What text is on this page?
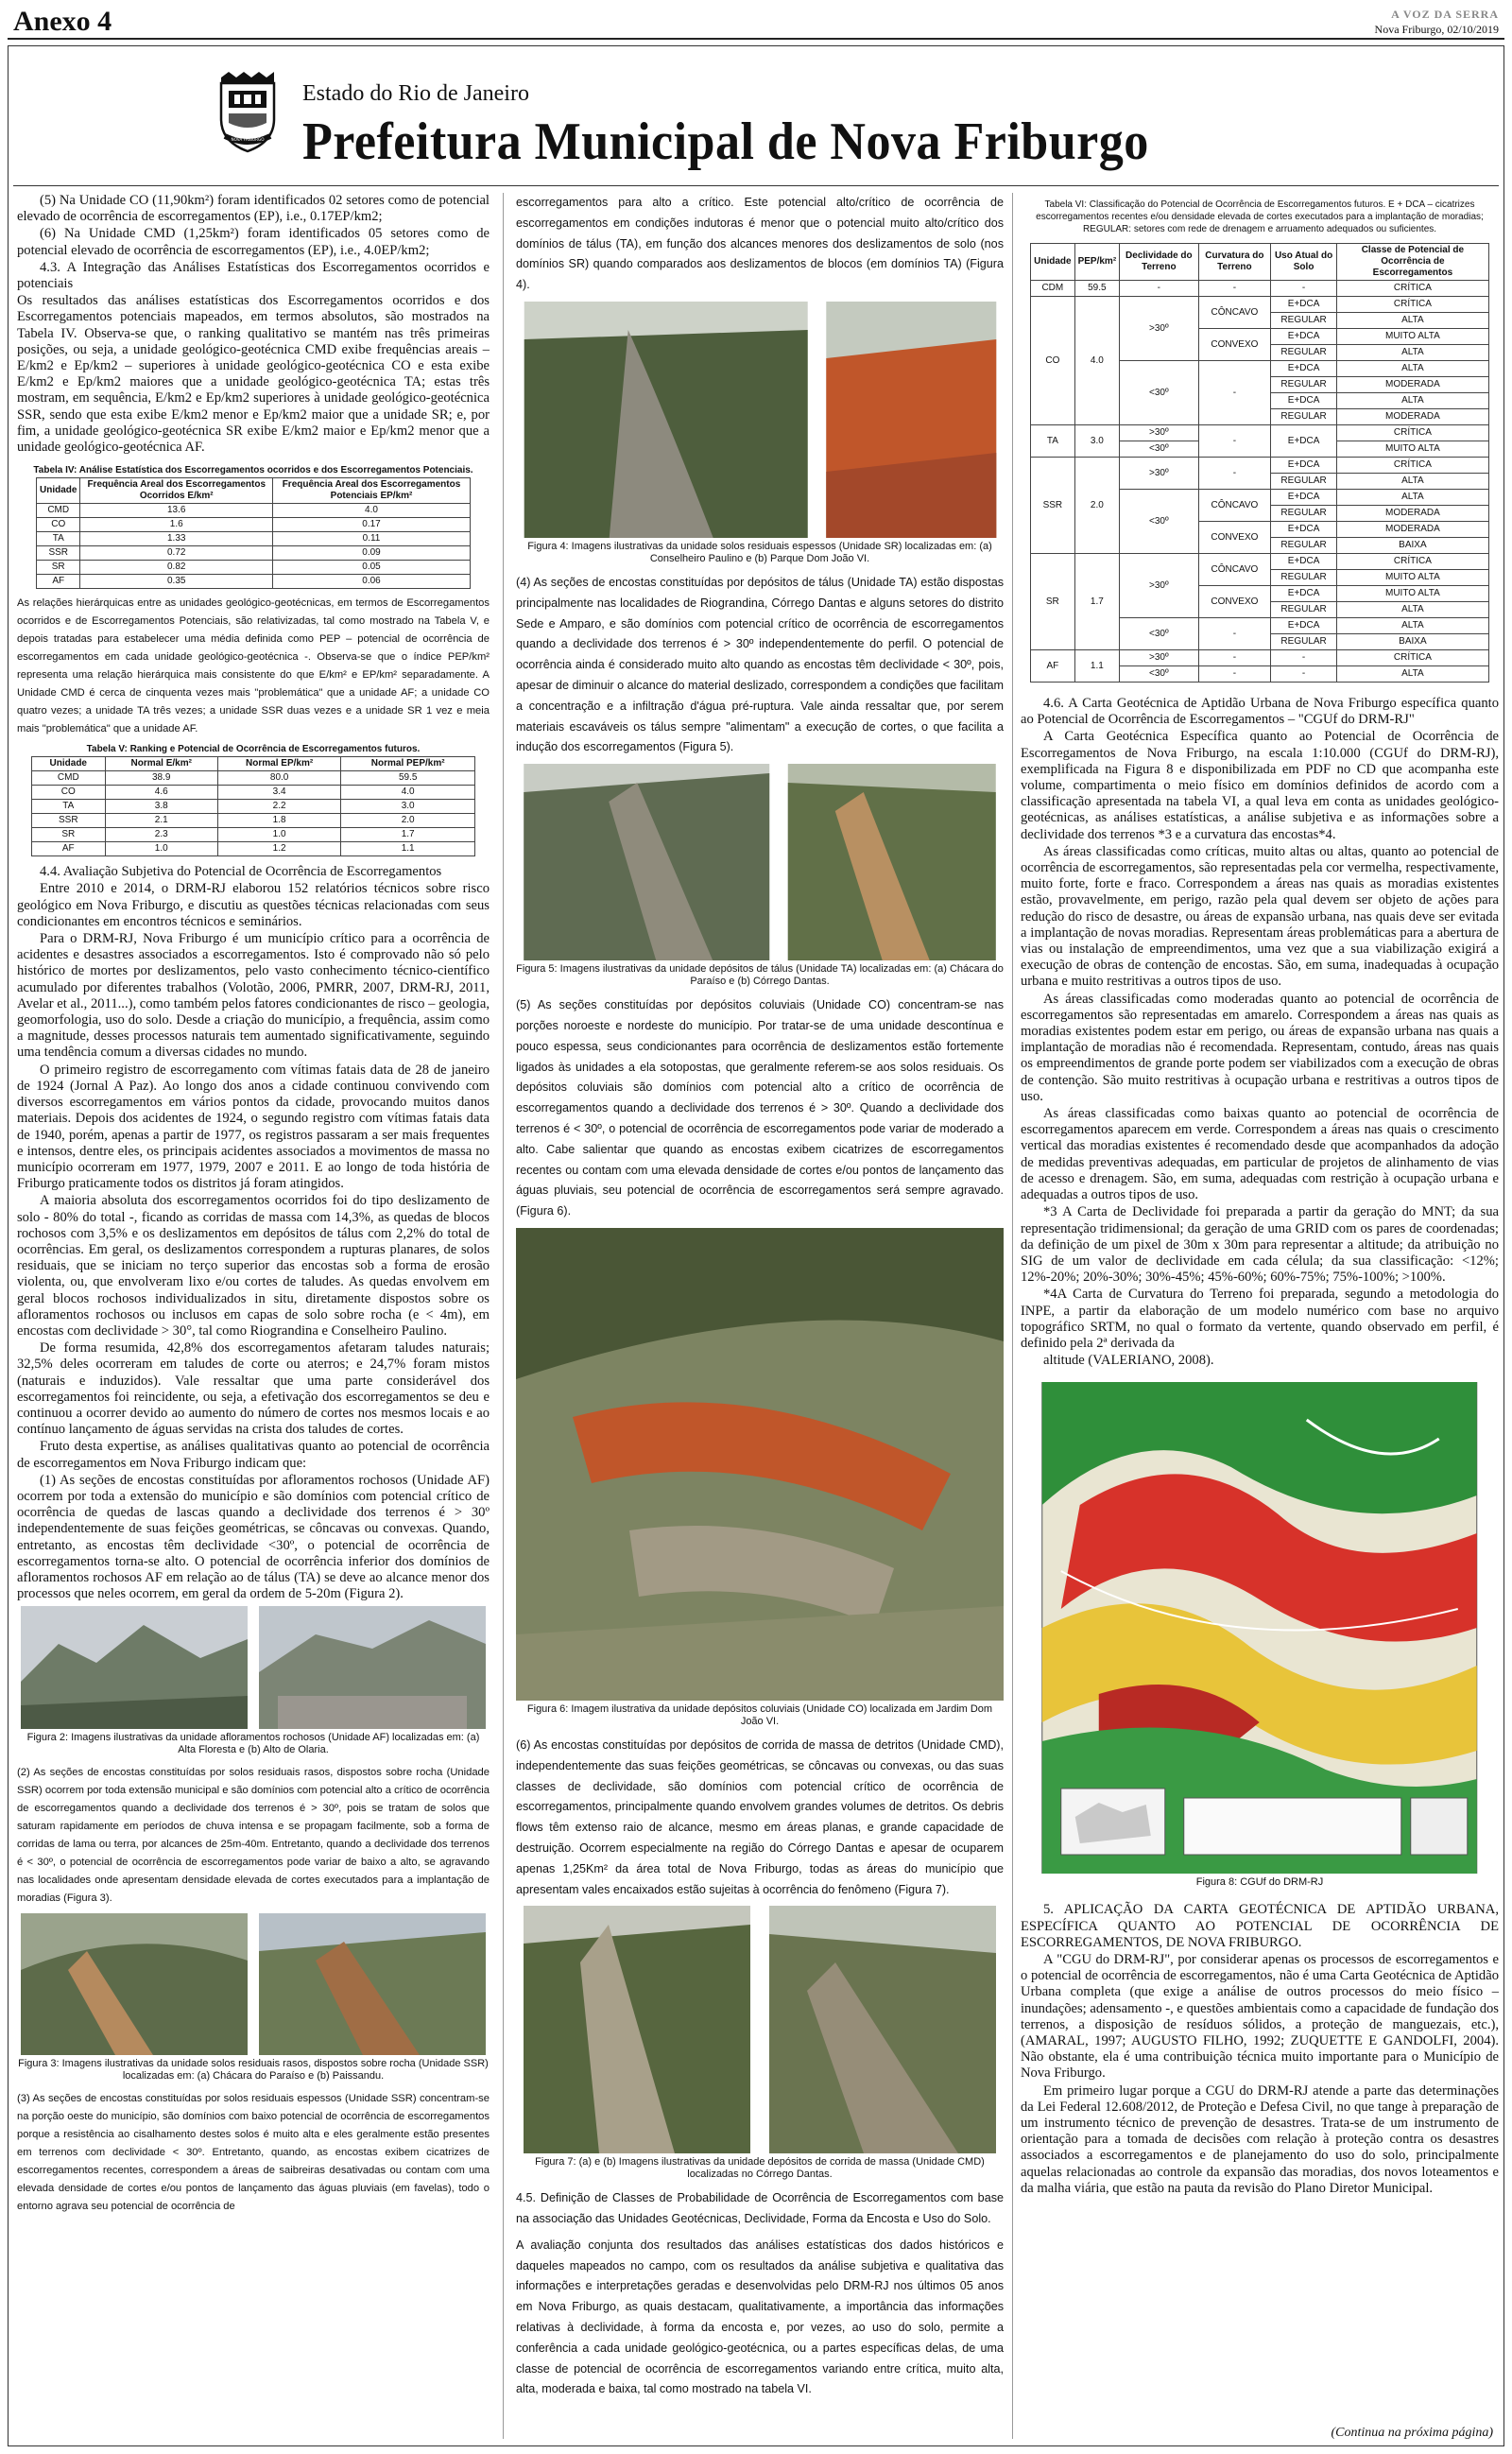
Anexo 4	A VOZ DA SERRA
Nova Friburgo, 02/10/2019
NOVA FRIBURGO
Estado do Rio de Janeiro
Prefeitura Municipal de Nova Friburgo

(5) Na Unidade CO (11,90km²) foram identificados 02 setores como de potencial elevado de ocorrência de escorregamentos (EP), i.e., 0.17EP/km2;

(6) Na Unidade CMD (1,25km²) foram identificados 05 setores como de potencial elevado de ocorrência de escorregamentos (EP), i.e., 4.0EP/km2;

4.3. A Integração das Análises Estatísticas dos Escorregamentos ocorridos e potenciais

Os resultados das análises estatísticas dos Escorregamentos ocorridos e dos Escorregamentos potenciais mapeados, em termos absolutos, são mostrados na Tabela IV. Observa-se que, o ranking qualitativo se mantém nas três primeiras posições, ou seja, a unidade geológico-geotécnica CMD exibe frequências areais – E/km2 e Ep/km2 – superiores à unidade geológico-geotécnica CO e esta exibe E/km2 e Ep/km2 maiores que a unidade geológico-geotécnica TA; estas três mostram, em sequência, E/km2 e Ep/km2 superiores à unidade geológico-geotécnica SSR, sendo que esta exibe E/km2 menor e Ep/km2 maior que a unidade SR; e, por fim, a unidade geológico-geotécnica SR exibe E/km2 maior e Ep/km2 menor que a unidade geológico-geotécnica AF.

Tabela IV: Análise Estatística dos Escorregamentos ocorridos e dos Escorregamentos Potenciais.
Unidade	Frequência Areal dos Escorregamentos Ocorridos E/km²	Frequência Areal dos Escorregamentos Potenciais EP/km²
CMD	13.6	4.0
CO	1.6	0.17
TA	1.33	0.11
SSR	0.72	0.09
SR	0.82	0.05
AF	0.35	0.06

As relações hierárquicas entre as unidades geológico-geotécnicas, em termos de Escorregamentos ocorridos e de Escorregamentos Potenciais, são relativizadas, tal como mostrado na Tabela V, e depois tratadas para estabelecer uma média definida como PEP – potencial de ocorrência de escorregamentos em cada unidade geológico-geotécnica -. Observa-se que o índice PEP/km² representa uma relação hierárquica mais consistente do que E/km² e EP/km² separadamente. A Unidade CMD é cerca de cinquenta vezes mais "problemática" que a unidade AF; a unidade CO quatro vezes; a unidade TA três vezes; a unidade SSR duas vezes e a unidade SR 1 vez e meia mais "problemática" que a unidade AF.

Tabela V: Ranking e Potencial de Ocorrência de Escorregamentos futuros.
Unidade	Normal E/km²	Normal EP/km²	Normal PEP/km²
CMD	38.9	80.0	59.5
CO	4.6	3.4	4.0
TA	3.8	2.2	3.0
SSR	2.1	1.8	2.0
SR	2.3	1.0	1.7
AF	1.0	1.2	1.1

4.4. Avaliação Subjetiva do Potencial de Ocorrência de Escorregamentos

Entre 2010 e 2014, o DRM-RJ elaborou 152 relatórios técnicos sobre risco geológico em Nova Friburgo, e discutiu as questões técnicas relacionadas com seus condicionantes em encontros técnicos e seminários.

Para o DRM-RJ, Nova Friburgo é um município crítico para a ocorrência de acidentes e desastres associados a escorregamentos. Isto é comprovado não só pelo histórico de mortes por deslizamentos, pelo vasto conhecimento técnico-científico acumulado por diferentes trabalhos (Volotão, 2006, PMRR, 2007, DRM-RJ, 2011, Avelar et al., 2011...), como também pelos fatores condicionantes de risco – geologia, geomorfologia, uso do solo. Desde a criação do município, a frequência, assim como a magnitude, desses processos naturais tem aumentado significativamente, seguindo uma tendência comum a diversas cidades no mundo.

O primeiro registro de escorregamento com vítimas fatais data de 28 de janeiro de 1924 (Jornal A Paz). Ao longo dos anos a cidade continuou convivendo com diversos escorregamentos em vários pontos da cidade, provocando muitos danos materiais. Depois dos acidentes de 1924, o segundo registro com vítimas fatais data de 1940, porém, apenas a partir de 1977, os registros passaram a ser mais frequentes e intensos, dentre eles, os principais acidentes associados a movimentos de massa no município ocorreram em 1977, 1979, 2007 e 2011. E ao longo de toda história de Friburgo praticamente todos os distritos já foram atingidos.

A maioria absoluta dos escorregamentos ocorridos foi do tipo deslizamento de solo - 80% do total -, ficando as corridas de massa com 14,3%, as quedas de blocos rochosos com 3,5% e os deslizamentos em depósitos de tálus com 2,2% do total de ocorrências. Em geral, os deslizamentos correspondem a rupturas planares, de solos residuais, que se iniciam no terço superior das encostas sob a forma de erosão violenta, ou, que envolveram lixo e/ou cortes de taludes. As quedas envolvem em geral blocos rochosos individualizados in situ, diretamente dispostos sobre os afloramentos rochosos ou inclusos em capas de solo sobre rocha (e < 4m), em encostas com declividade > 30°, tal como Riograndina e Conselheiro Paulino.

De forma resumida, 42,8% dos escorregamentos afetaram taludes naturais; 32,5% deles ocorreram em taludes de corte ou aterros; e 24,7% foram mistos (naturais e induzidos). Vale ressaltar que uma parte considerável dos escorregamentos foi reincidente, ou seja, a efetivação dos escorregamentos se deu e continuou a ocorrer devido ao aumento do número de cortes nos mesmos locais e ao contínuo lançamento de águas servidas na crista dos taludes de cortes.

Fruto desta expertise, as análises qualitativas quanto ao potencial de ocorrência de escorregamentos em Nova Friburgo indicam que:

(1) As seções de encostas constituídas por afloramentos rochosos (Unidade AF) ocorrem por toda a extensão do município e são domínios com potencial crítico de ocorrência de quedas de lascas quando a declividade dos terrenos é > 30º independentemente de suas feições geométricas, se côncavas ou convexas. Quando, entretanto, as encostas têm declividade <30º, o potencial de ocorrência de escorregamentos torna-se alto. O potencial de ocorrência inferior dos domínios de afloramentos rochosos AF em relação ao de tálus (TA) se deve ao alcance menor dos processos que neles ocorrem, em geral da ordem de 5-20m (Figura 2).

Figura 2: Imagens ilustrativas da unidade afloramentos rochosos (Unidade AF) localizadas em: (a) Alta Floresta e (b) Alto de Olaria.

(2) As seções de encostas constituídas por solos residuais rasos, dispostos sobre rocha (Unidade SSR) ocorrem por toda extensão municipal e são domínios com potencial alto a crítico de ocorrência de escorregamentos quando a declividade dos terrenos é > 30º, pois se tratam de solos que saturam rapidamente em períodos de chuva intensa e se propagam facilmente, sob a forma de corridas de lama ou terra, por alcances de 25m-40m. Entretanto, quando a declividade dos terrenos é < 30º, o potencial de ocorrência de escorregamentos pode variar de baixo a alto, se agravando nas localidades onde apresentam densidade elevada de cortes executados para a implantação de moradias (Figura 3).

Figura 3: Imagens ilustrativas da unidade solos residuais rasos, dispostos sobre rocha (Unidade SSR) localizadas em: (a) Chácara do Paraíso e (b) Paissandu.

(3) As seções de encostas constituídas por solos residuais espessos (Unidade SSR) concentram-se na porção oeste do município, são domínios com baixo potencial de ocorrência de escorregamentos porque a resistência ao cisalhamento destes solos é muito alta e eles geralmente estão presentes em terrenos com declividade < 30º. Entretanto, quando, as encostas exibem cicatrizes de escorregamentos recentes, correspondem a áreas de saibreiras desativadas ou contam com uma elevada densidade de cortes e/ou pontos de lançamento das águas pluviais (em favelas), todo o entorno agrava seu potencial de ocorrência de

escorregamentos para alto a crítico. Este potencial alto/crítico de ocorrência de escorregamentos em condições indutoras é menor que o potencial muito alto/crítico dos domínios de tálus (TA), em função dos alcances menores dos deslizamentos de solo (nos domínios SR) quando comparados aos deslizamentos de blocos (em domínios TA) (Figura 4).

Figura 4: Imagens ilustrativas da unidade solos residuais espessos (Unidade SR) localizadas em: (a) Conselheiro Paulino e (b) Parque Dom João VI.

(4) As seções de encostas constituídas por depósitos de tálus (Unidade TA) estão dispostas principalmente nas localidades de Riograndina, Córrego Dantas e alguns setores do distrito Sede e Amparo, e são domínios com potencial crítico de ocorrência de escorregamentos quando a declividade dos terrenos é > 30º independentemente do perfil. O potencial de ocorrência ainda é considerado muito alto quando as encostas têm declividade < 30º, pois, apesar de diminuir o alcance do material deslizado, correspondem a condições que facilitam a concentração e a infiltração d'água pré-ruptura. Vale ainda ressaltar que, por serem materiais escaváveis os tálus sempre "alimentam" a execução de cortes, o que facilita a indução dos escorregamentos (Figura 5).

Figura 5: Imagens ilustrativas da unidade depósitos de tálus (Unidade TA) localizadas em: (a) Chácara do Paraíso e (b) Córrego Dantas.

(5) As seções constituídas por depósitos coluviais (Unidade CO) concentram-se nas porções noroeste e nordeste do município. Por tratar-se de uma unidade descontínua e pouco espessa, seus condicionantes para ocorrência de deslizamentos estão fortemente ligados às unidades a ela sotopostas, que geralmente referem-se aos solos residuais. Os depósitos coluviais são domínios com potencial alto a crítico de ocorrência de escorregamentos quando a declividade dos terrenos é > 30º. Quando a declividade dos terrenos é < 30º, o potencial de ocorrência de escorregamentos pode variar de moderado a alto. Cabe salientar que quando as encostas exibem cicatrizes de escorregamentos recentes ou contam com uma elevada densidade de cortes e/ou pontos de lançamento das águas pluviais, seu potencial de ocorrência de escorregamentos será sempre agravado. (Figura 6).

Figura 6: Imagem ilustrativa da unidade depósitos coluviais (Unidade CO) localizada em Jardim Dom João VI.

(6) As encostas constituídas por depósitos de corrida de massa de detritos (Unidade CMD), independentemente das suas feições geométricas, se côncavas ou convexas, ou das suas classes de declividade, são domínios com potencial crítico de ocorrência de escorregamentos, principalmente quando envolvem grandes volumes de detritos. Os debris flows têm extenso raio de alcance, mesmo em áreas planas, e grande capacidade de destruição. Ocorrem especialmente na região do Córrego Dantas e apesar de ocuparem apenas 1,25Km² da área total de Nova Friburgo, todas as áreas do município que apresentam vales encaixados estão sujeitas à ocorrência do fenômeno (Figura 7).

Figura 7: (a) e (b) Imagens ilustrativas da unidade depósitos de corrida de massa (Unidade CMD) localizadas no Córrego Dantas.

4.5. Definição de Classes de Probabilidade de Ocorrência de Escorregamentos com base na associação das Unidades Geotécnicas, Declividade, Forma da Encosta e Uso do Solo.

A avaliação conjunta dos resultados das análises estatísticas dos dados históricos e daqueles mapeados no campo, com os resultados da análise subjetiva e qualitativa das informações e interpretações geradas e desenvolvidas pelo DRM-RJ nos últimos 05 anos em Nova Friburgo, as quais destacam, qualitativamente, a importância das informações relativas à declividade, à forma da encosta e, por vezes, ao uso do solo, permite a conferência a cada unidade geológico-geotécnica, ou a partes específicas delas, de uma classe de potencial de ocorrência de escorregamentos variando entre crítica, muito alta, alta, moderada e baixa, tal como mostrado na tabela VI.

Tabela VI: Classificação do Potencial de Ocorrência de Escorregamentos futuros. E + DCA – cicatrizes escorregamentos recentes e/ou densidade elevada de cortes executados para a implantação de moradias; REGULAR: setores com rede de drenagem e arruamento adequados ou suficientes.
Unidade	PEP/km²	Declividade do Terreno	Curvatura do Terreno	Uso Atual do Solo	Classe de Potencial de Ocorrência de Escorregamentos
CDM	59.5	-	-	-	CRÍTICA
CO	4.0	>30º	CÔNCAVO	E+DCA	CRÍTICA
				REGULAR	ALTA
			CONVEXO	E+DCA	MUITO ALTA
				REGULAR	ALTA
		<30º	-	E+DCA	ALTA
				REGULAR	MODERADA
				E+DCA	ALTA
				REGULAR	MODERADA
TA	3.0	>30º	-	E+DCA	CRÍTICA
		<30º			MUITO ALTA
SSR	2.0	>30º	-	E+DCA	CRÍTICA
				REGULAR	ALTA
		<30º	CÔNCAVO	E+DCA	ALTA
				REGULAR	MODERADA
			CONVEXO	E+DCA	MODERADA
				REGULAR	BAIXA
SR	1.7	>30º	CÔNCAVO	E+DCA	CRÍTICA
				REGULAR	MUITO ALTA
			CONVEXO	E+DCA	MUITO ALTA
				REGULAR	ALTA
		<30º	-	E+DCA	ALTA
				REGULAR	BAIXA
AF	1.1	>30º	-	-	CRÍTICA
		<30º	-	-	ALTA

4.6. A Carta Geotécnica de Aptidão Urbana de Nova Friburgo específica quanto ao Potencial de Ocorrência de Escorregamentos – "CGUf do DRM-RJ"

A Carta Geotécnica Específica quanto ao Potencial de Ocorrência de Escorregamentos de Nova Friburgo, na escala 1:10.000 (CGUf do DRM-RJ), exemplificada na Figura 8 e disponibilizada em PDF no CD que acompanha este volume, compartimenta o meio físico em domínios definidos de acordo com a classificação apresentada na tabela VI, a qual leva em conta as unidades geológico-geotécnicas, as análises estatísticas, a análise subjetiva e as informações sobre a declividade dos terrenos *3 e a curvatura das encostas*4.

As áreas classificadas como críticas, muito altas ou altas, quanto ao potencial de ocorrência de escorregamentos, são representadas pela cor vermelha, respectivamente, muito forte, forte e fraco. Correspondem a áreas nas quais as moradias existentes estão, provavelmente, em perigo, razão pela qual devem ser objeto de ações para redução do risco de desastre, ou áreas de expansão urbana, nas quais deve ser evitada a implantação de novas moradias. Representam áreas problemáticas para a abertura de vias ou instalação de empreendimentos, uma vez que a sua viabilização exigirá a execução de obras de contenção de encostas. São, em suma, inadequadas à ocupação urbana e muito restritivas a outros tipos de uso.

As áreas classificadas como moderadas quanto ao potencial de ocorrência de escorregamentos são representadas em amarelo. Correspondem a áreas nas quais as moradias existentes podem estar em perigo, ou áreas de expansão urbana nas quais a implantação de moradias não é recomendada. Representam, contudo, áreas nas quais os empreendimentos de grande porte podem ser viabilizados com a execução de obras de contenção. São muito restritivas à ocupação urbana e restritivas a outros tipos de uso.

As áreas classificadas como baixas quanto ao potencial de ocorrência de escorregamentos aparecem em verde. Correspondem a áreas nas quais o crescimento vertical das moradias existentes é recomendado desde que acompanhados da adoção de medidas preventivas adequadas, em particular de projetos de alinhamento de vias de acesso e drenagem. São, em suma, adequadas com restrição à ocupação urbana e adequadas a outros tipos de uso.

*3 A Carta de Declividade foi preparada a partir da geração do MNT; da sua representação tridimensional; da geração de uma GRID com os pares de coordenadas; da definição de um pixel de 30m x 30m para representar a altitude; da atribuição no SIG de um valor de declividade em cada célula; da sua classificação: <12%; 12%-20%; 20%-30%; 30%-45%; 45%-60%; 60%-75%; 75%-100%; >100%.

*4A Carta de Curvatura do Terreno foi preparada, segundo a metodologia do INPE, a partir da elaboração de um modelo numérico com base no arquivo topográfico SRTM, no qual o formato da vertente, quando observado em perfil, é definido pela 2ª derivada da

altitude (VALERIANO, 2008).

Figura 8: CGUf do DRM-RJ

5. APLICAÇÃO DA CARTA GEOTÉCNICA DE APTIDÃO URBANA, ESPECÍFICA QUANTO AO POTENCIAL DE OCORRÊNCIA DE ESCORREGAMENTOS, DE NOVA FRIBURGO.

A "CGU do DRM-RJ", por considerar apenas os processos de escorregamentos e o potencial de ocorrência de escorregamentos, não é uma Carta Geotécnica de Aptidão Urbana completa (que exige a análise de outros processos do meio físico – inundações; adensamento -, e questões ambientais como a capacidade de fundação dos terrenos, a disposição de resíduos sólidos, a proteção de manguezais, etc.), (AMARAL, 1997; AUGUSTO FILHO, 1992; ZUQUETTE E GANDOLFI, 2004). Não obstante, ela é uma contribuição técnica muito importante para o Município de Nova Friburgo.

Em primeiro lugar porque a CGU do DRM-RJ atende a parte das determinações da Lei Federal 12.608/2012, de Proteção e Defesa Civil, no que tange à preparação de um instrumento técnico de prevenção de desastres. Trata-se de um instrumento de orientação para a tomada de decisões com relação à proteção contra os desastres associados a escorregamentos e de planejamento do uso do solo, principalmente aquelas relacionadas ao controle da expansão das moradias, dos novos loteamentos e da malha viária, que estão na pauta da revisão do Plano Diretor Municipal.

(Continua na próxima página)
